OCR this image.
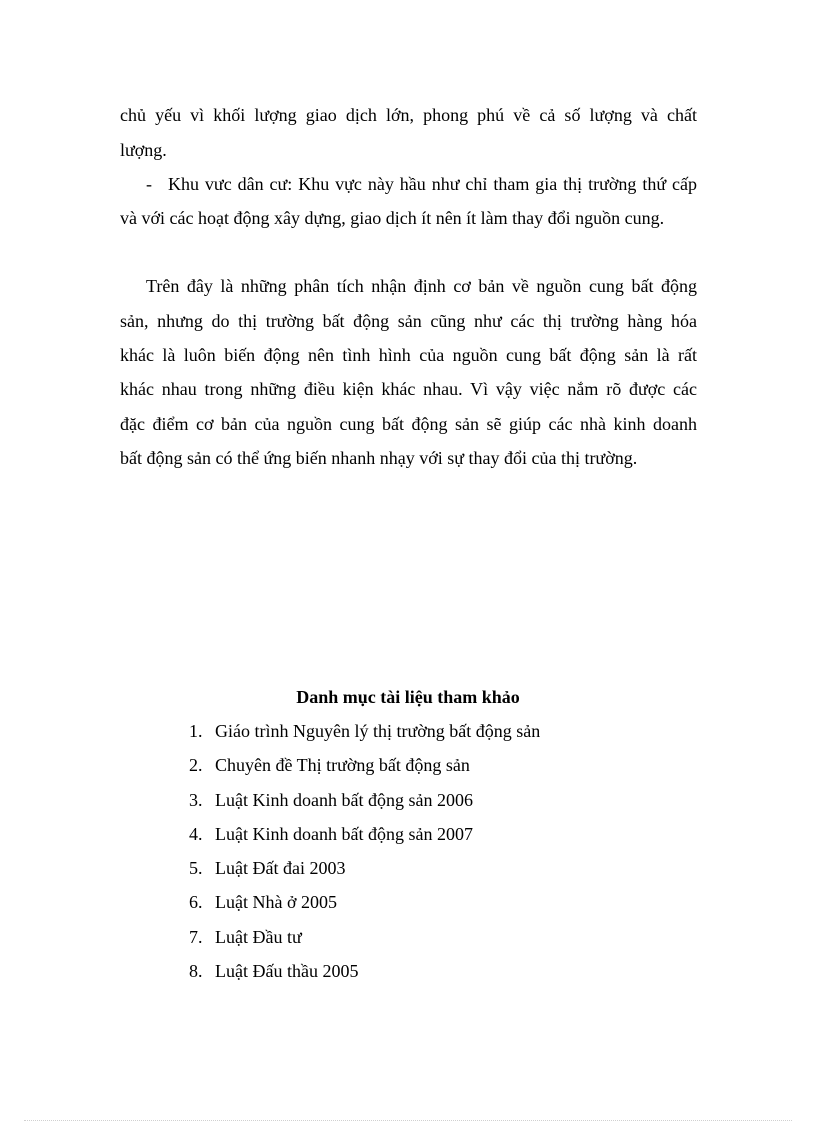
chủ yếu vì khối lượng giao dịch lớn, phong phú về cả số lượng và chất
lượng.
- Khu vưc dân cư: Khu vực này hầu như chỉ tham gia thị trường thứ cấp
và với các hoạt động xây dựng, giao dịch ít nên ít làm thay đổi nguồn cung.
Trên đây là những phân tích nhận định cơ bản về nguồn cung bất động
sản, nhưng do thị trường bất động sản cũng như các thị trường hàng hóa
khác là luôn biến động nên tình hình của nguồn cung bất động sản là rất
khác nhau trong những điều kiện khác nhau. Vì vậy việc nắm rõ được các
đặc điểm cơ bản của nguồn cung bất động sản sẽ giúp các nhà kinh doanh
bất động sản có thể ứng biến nhanh nhạy với sự thay đổi của thị trường.
Danh mục tài liệu tham khảo
1. Giáo trình Nguyên lý thị trường bất động sản
2. Chuyên đề Thị trường bất động sản
3. Luật Kinh doanh bất động sản 2006
4. Luật Kinh doanh bất động sản 2007
5. Luật Đất đai 2003
6. Luật Nhà ở 2005
7. Luật Đầu tư
8. Luật Đấu thầu 2005
